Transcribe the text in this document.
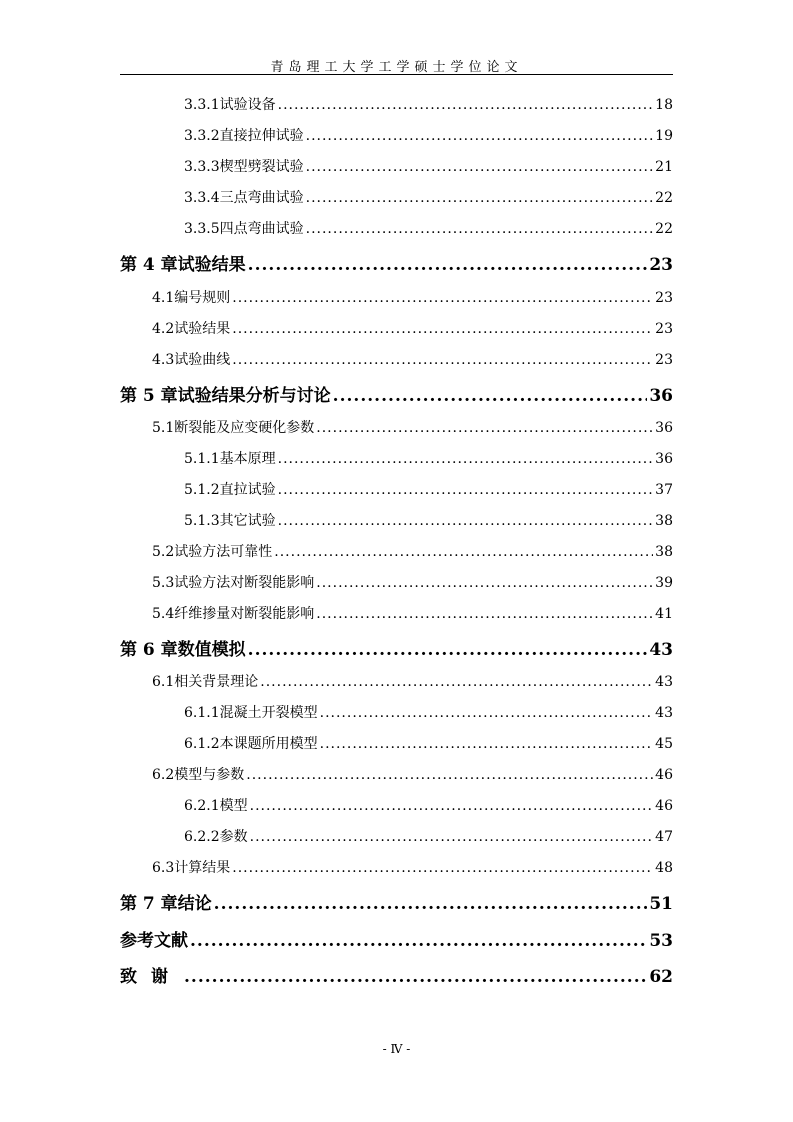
青岛理工大学工学硕士学位论文
3.3.1 试验设备 .....	18
3.3.2 直接拉伸试验 .....	19
3.3.3 楔型劈裂试验 .....	21
3.3.4 三点弯曲试验 .....	22
3.3.5 四点弯曲试验 .....	22
第 4 章 试验结果 .....	23
4.1 编号规则 .....	23
4.2 试验结果 .....	23
4.3 试验曲线 .....	23
第 5 章 试验结果分析与讨论 .....	36
5.1 断裂能及应变硬化参数 .....	36
5.1.1 基本原理 .....	36
5.1.2 直拉试验 .....	37
5.1.3 其它试验 .....	38
5.2 试验方法可靠性 .....	38
5.3 试验方法对断裂能影响 .....	39
5.4 纤维掺量对断裂能影响 .....	41
第 6 章 数值模拟 .....	43
6.1 相关背景理论 .....	43
6.1.1 混凝土开裂模型 .....	43
6.1.2 本课题所用模型 .....	45
6.2 模型与参数 .....	46
6.2.1 模型 .....	46
6.2.2 参数 .....	47
6.3 计算结果 .....	48
第 7 章 结论 .....	51
参考文献 .....	53
致谢 .....	62
- Ⅳ -
